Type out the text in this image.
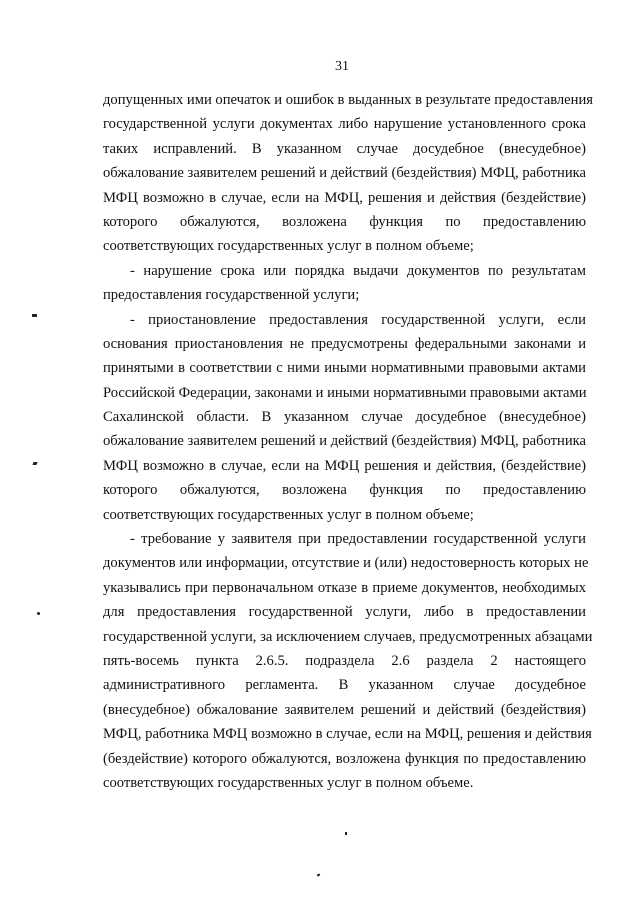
31

допущенных ими опечаток и ошибок в выданных в результате предоставления
государственной услуги документах либо нарушение установленного срока
таких исправлений. В указанном случае досудебное (внесудебное)
обжалование заявителем решений и действий (бездействия) МФЦ, работника
МФЦ возможно в случае, если на МФЦ, решения и действия (бездействие)
которого обжалуются, возложена функция по предоставлению
соответствующих государственных услуг в полном объеме;

- нарушение срока или порядка выдачи документов по результатам
предоставления государственной услуги;

- приостановление предоставления государственной услуги, если
основания приостановления не предусмотрены федеральными законами и
принятыми в соответствии с ними иными нормативными правовыми актами
Российской Федерации, законами и иными нормативными правовыми актами
Сахалинской области. В указанном случае досудебное (внесудебное)
обжалование заявителем решений и действий (бездействия) МФЦ, работника
МФЦ возможно в случае, если на МФЦ решения и действия, (бездействие)
которого обжалуются, возложена функция по предоставлению
соответствующих государственных услуг в полном объеме;

- требование у заявителя при предоставлении государственной услуги
документов или информации, отсутствие и (или) недостоверность которых не
указывались при первоначальном отказе в приеме документов, необходимых
для предоставления государственной услуги, либо в предоставлении
государственной услуги, за исключением случаев, предусмотренных абзацами
пять-восемь пункта 2.6.5. подраздела 2.6 раздела 2 настоящего
административного регламента. В указанном случае досудебное
(внесудебное) обжалование заявителем решений и действий (бездействия)
МФЦ, работника МФЦ возможно в случае, если на МФЦ, решения и действия
(бездействие) которого обжалуются, возложена функция по предоставлению
соответствующих государственных услуг в полном объеме.
